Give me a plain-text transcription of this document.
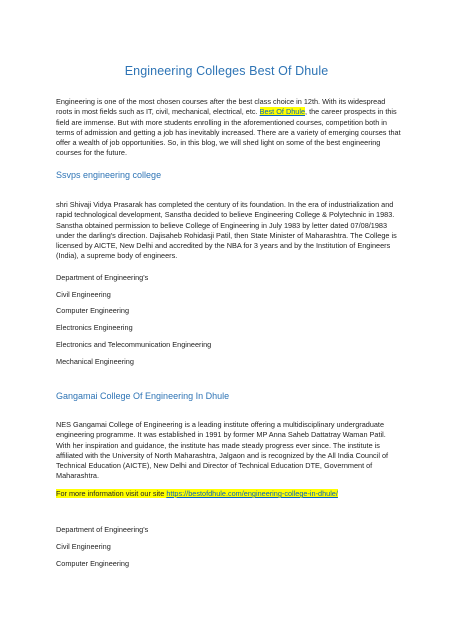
Engineering Colleges Best Of Dhule

Engineering is one of the most chosen courses after the best class choice in 12th. With its widespread roots in most fields such as IT, civil, mechanical, electrical, etc. Best Of Dhule, the career prospects in this field are immense. But with more students enrolling in the aforementioned courses, competition both in terms of admission and getting a job has inevitably increased. There are a variety of emerging courses that offer a wealth of job opportunities. So, in this blog, we will shed light on some of the best engineering courses for the future.

Ssvps engineering college

shri Shivaji Vidya Prasarak has completed the century of its foundation. In the era of industrialization and rapid technological development, Sanstha decided to believe Engineering College & Polytechnic in 1983. Sanstha obtained permission to believe College of Engineering in July 1983 by letter dated 07/08/1983 under the darling's direction. Dajisaheb Rohidasji Patil, then State Minister of Maharashtra. The College is licensed by AICTE, New Delhi and accredited by the NBA for 3 years and by the Institution of Engineers (India), a supreme body of engineers.

Department of Engineering's
Civil Engineering
Computer Engineering
Electronics Engineering
Electronics and Telecommunication Engineering
Mechanical Engineering
Gangamai College Of Engineering In Dhule

NES Gangamai College of Engineering is a leading institute offering a multidisciplinary undergraduate engineering programme. It was established in 1991 by former MP Anna Saheb Dattatray Waman Patil. With her inspiration and guidance, the institute has made steady progress ever since. The institute is affiliated with the University of North Maharashtra, Jalgaon and is recognized by the All India Council of Technical Education (AICTE), New Delhi and Director of Technical Education DTE, Government of Maharashtra.

For more information visit our site https://bestofdhule.com/engineering-college-in-dhule/

Department of Engineering's
Civil Engineering
Computer Engineering
